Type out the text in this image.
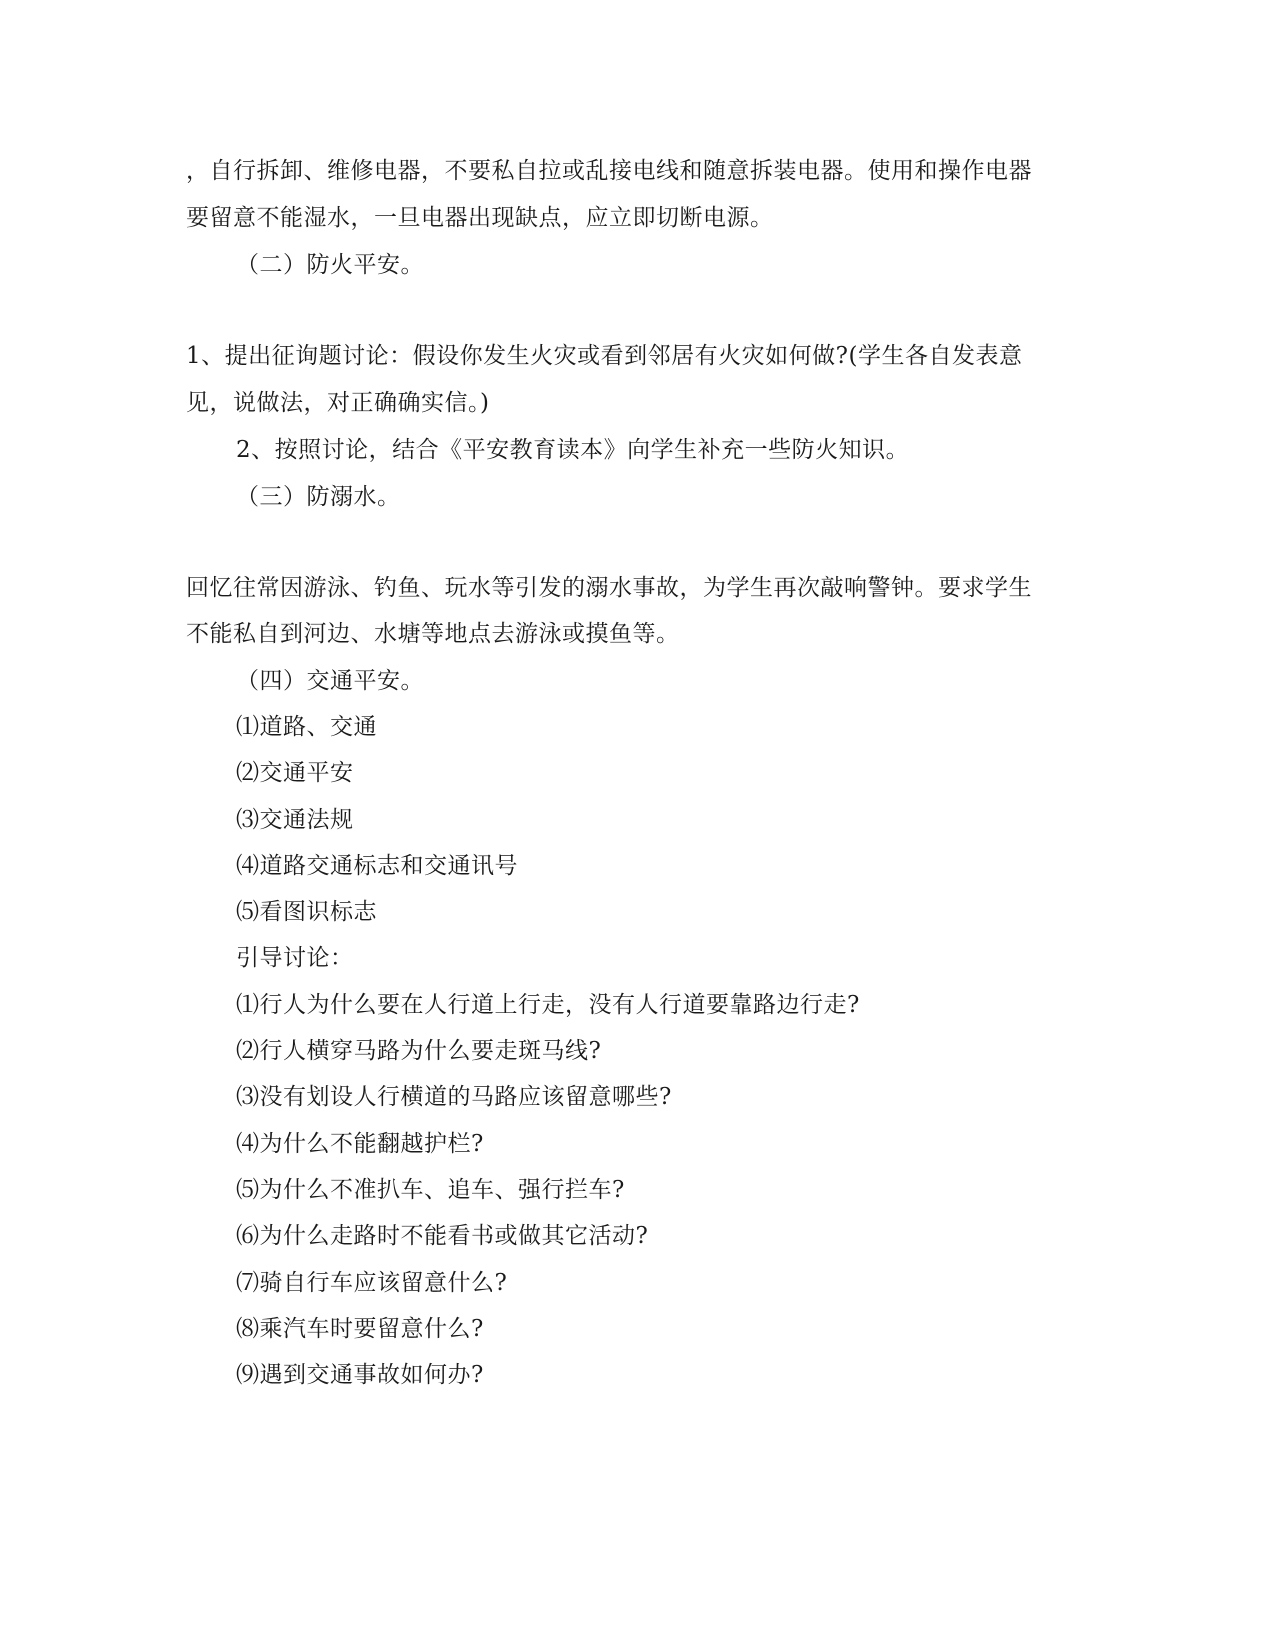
，自行拆卸、维修电器，不要私自拉或乱接电线和随意拆装电器。使用和操作电器
要留意不能湿水，一旦电器出现缺点，应立即切断电源。
（二）防火平安。
1、提出征询题讨论：假设你发生火灾或看到邻居有火灾如何做?(学生各自发表意
见，说做法，对正确确实信。)
2、按照讨论，结合《平安教育读本》向学生补充一些防火知识。
（三）防溺水。
回忆往常因游泳、钓鱼、玩水等引发的溺水事故，为学生再次敲响警钟。要求学生
不能私自到河边、水塘等地点去游泳或摸鱼等。
（四）交通平安。
⑴道路、交通
⑵交通平安
⑶交通法规
⑷道路交通标志和交通讯号
⑸看图识标志
引导讨论：
⑴行人为什么要在人行道上行走，没有人行道要靠路边行走?
⑵行人横穿马路为什么要走斑马线?
⑶没有划设人行横道的马路应该留意哪些?
⑷为什么不能翻越护栏?
⑸为什么不准扒车、追车、强行拦车?
⑹为什么走路时不能看书或做其它活动?
⑺骑自行车应该留意什么?
⑻乘汽车时要留意什么?
⑼遇到交通事故如何办?
